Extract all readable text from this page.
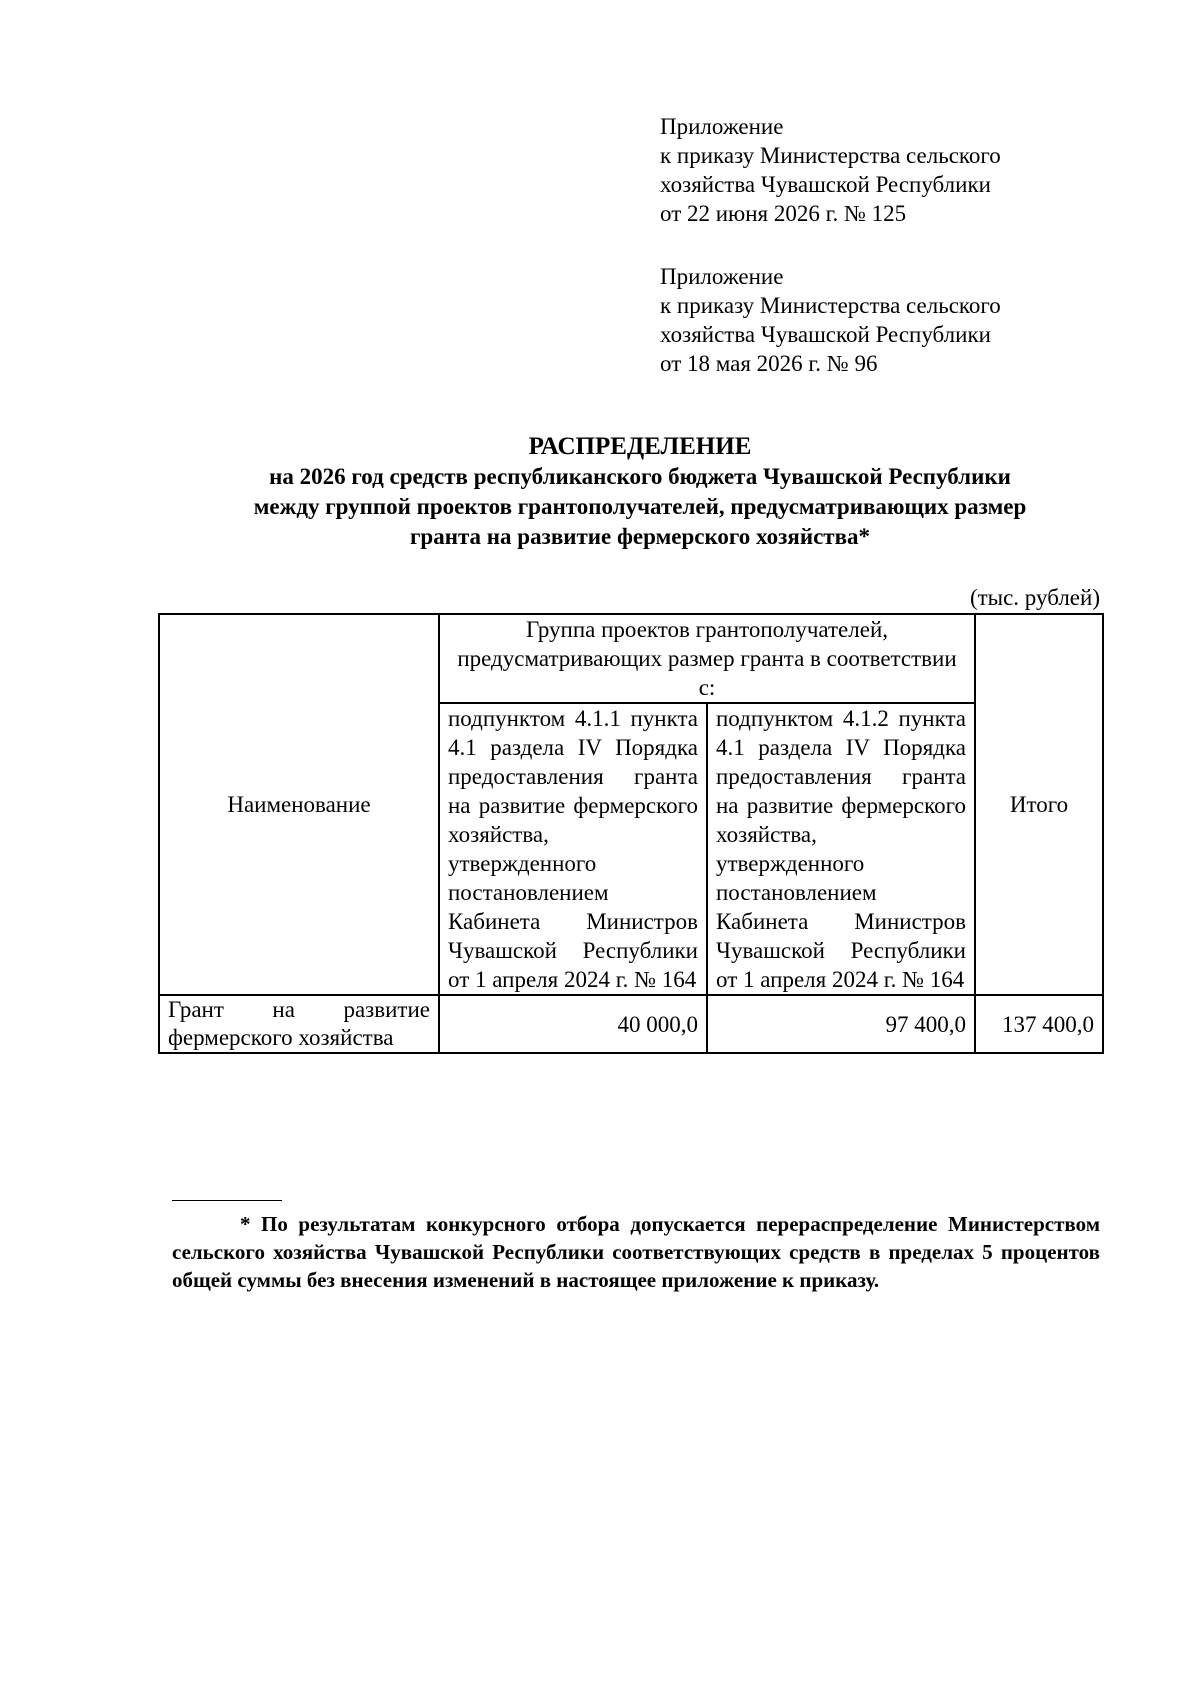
Приложение
к приказу Министерства сельского
хозяйства Чувашской Республики
от 22 июня 2026 г. № 125
Приложение
к приказу Министерства сельского
хозяйства Чувашской Республики
от 18 мая 2026 г. № 96
РАСПРЕДЕЛЕНИЕ
на 2026 год средств республиканского бюджета Чувашской Республики
между группой проектов грантополучателей, предусматривающих размер
гранта на развитие фермерского хозяйства*
(тыс. рублей)
Наименование	Группа проектов грантополучателей, предусматривающих размер гранта в соответствии с:		Итого
	подпунктом 4.1.1 пункта 4.1 раздела IV Порядка предоставления гранта на развитие фермерского хозяйства, утвержденного постановлением Кабинета Министров Чувашской Республики от 1 апреля 2024 г. № 164	подпунктом 4.1.2 пункта 4.1 раздела IV Порядка предоставления гранта на развитие фермерского хозяйства, утвержденного постановлением Кабинета Министров Чувашской Республики от 1 апреля 2024 г. № 164	
Грант на развитие фермерского хозяйства	40 000,0	97 400,0	137 400,0
* По результатам конкурсного отбора допускается перераспределение Министерством сельского хозяйства Чувашской Республики соответствующих средств в пределах 5 процентов общей суммы без внесения изменений в настоящее приложение к приказу.
